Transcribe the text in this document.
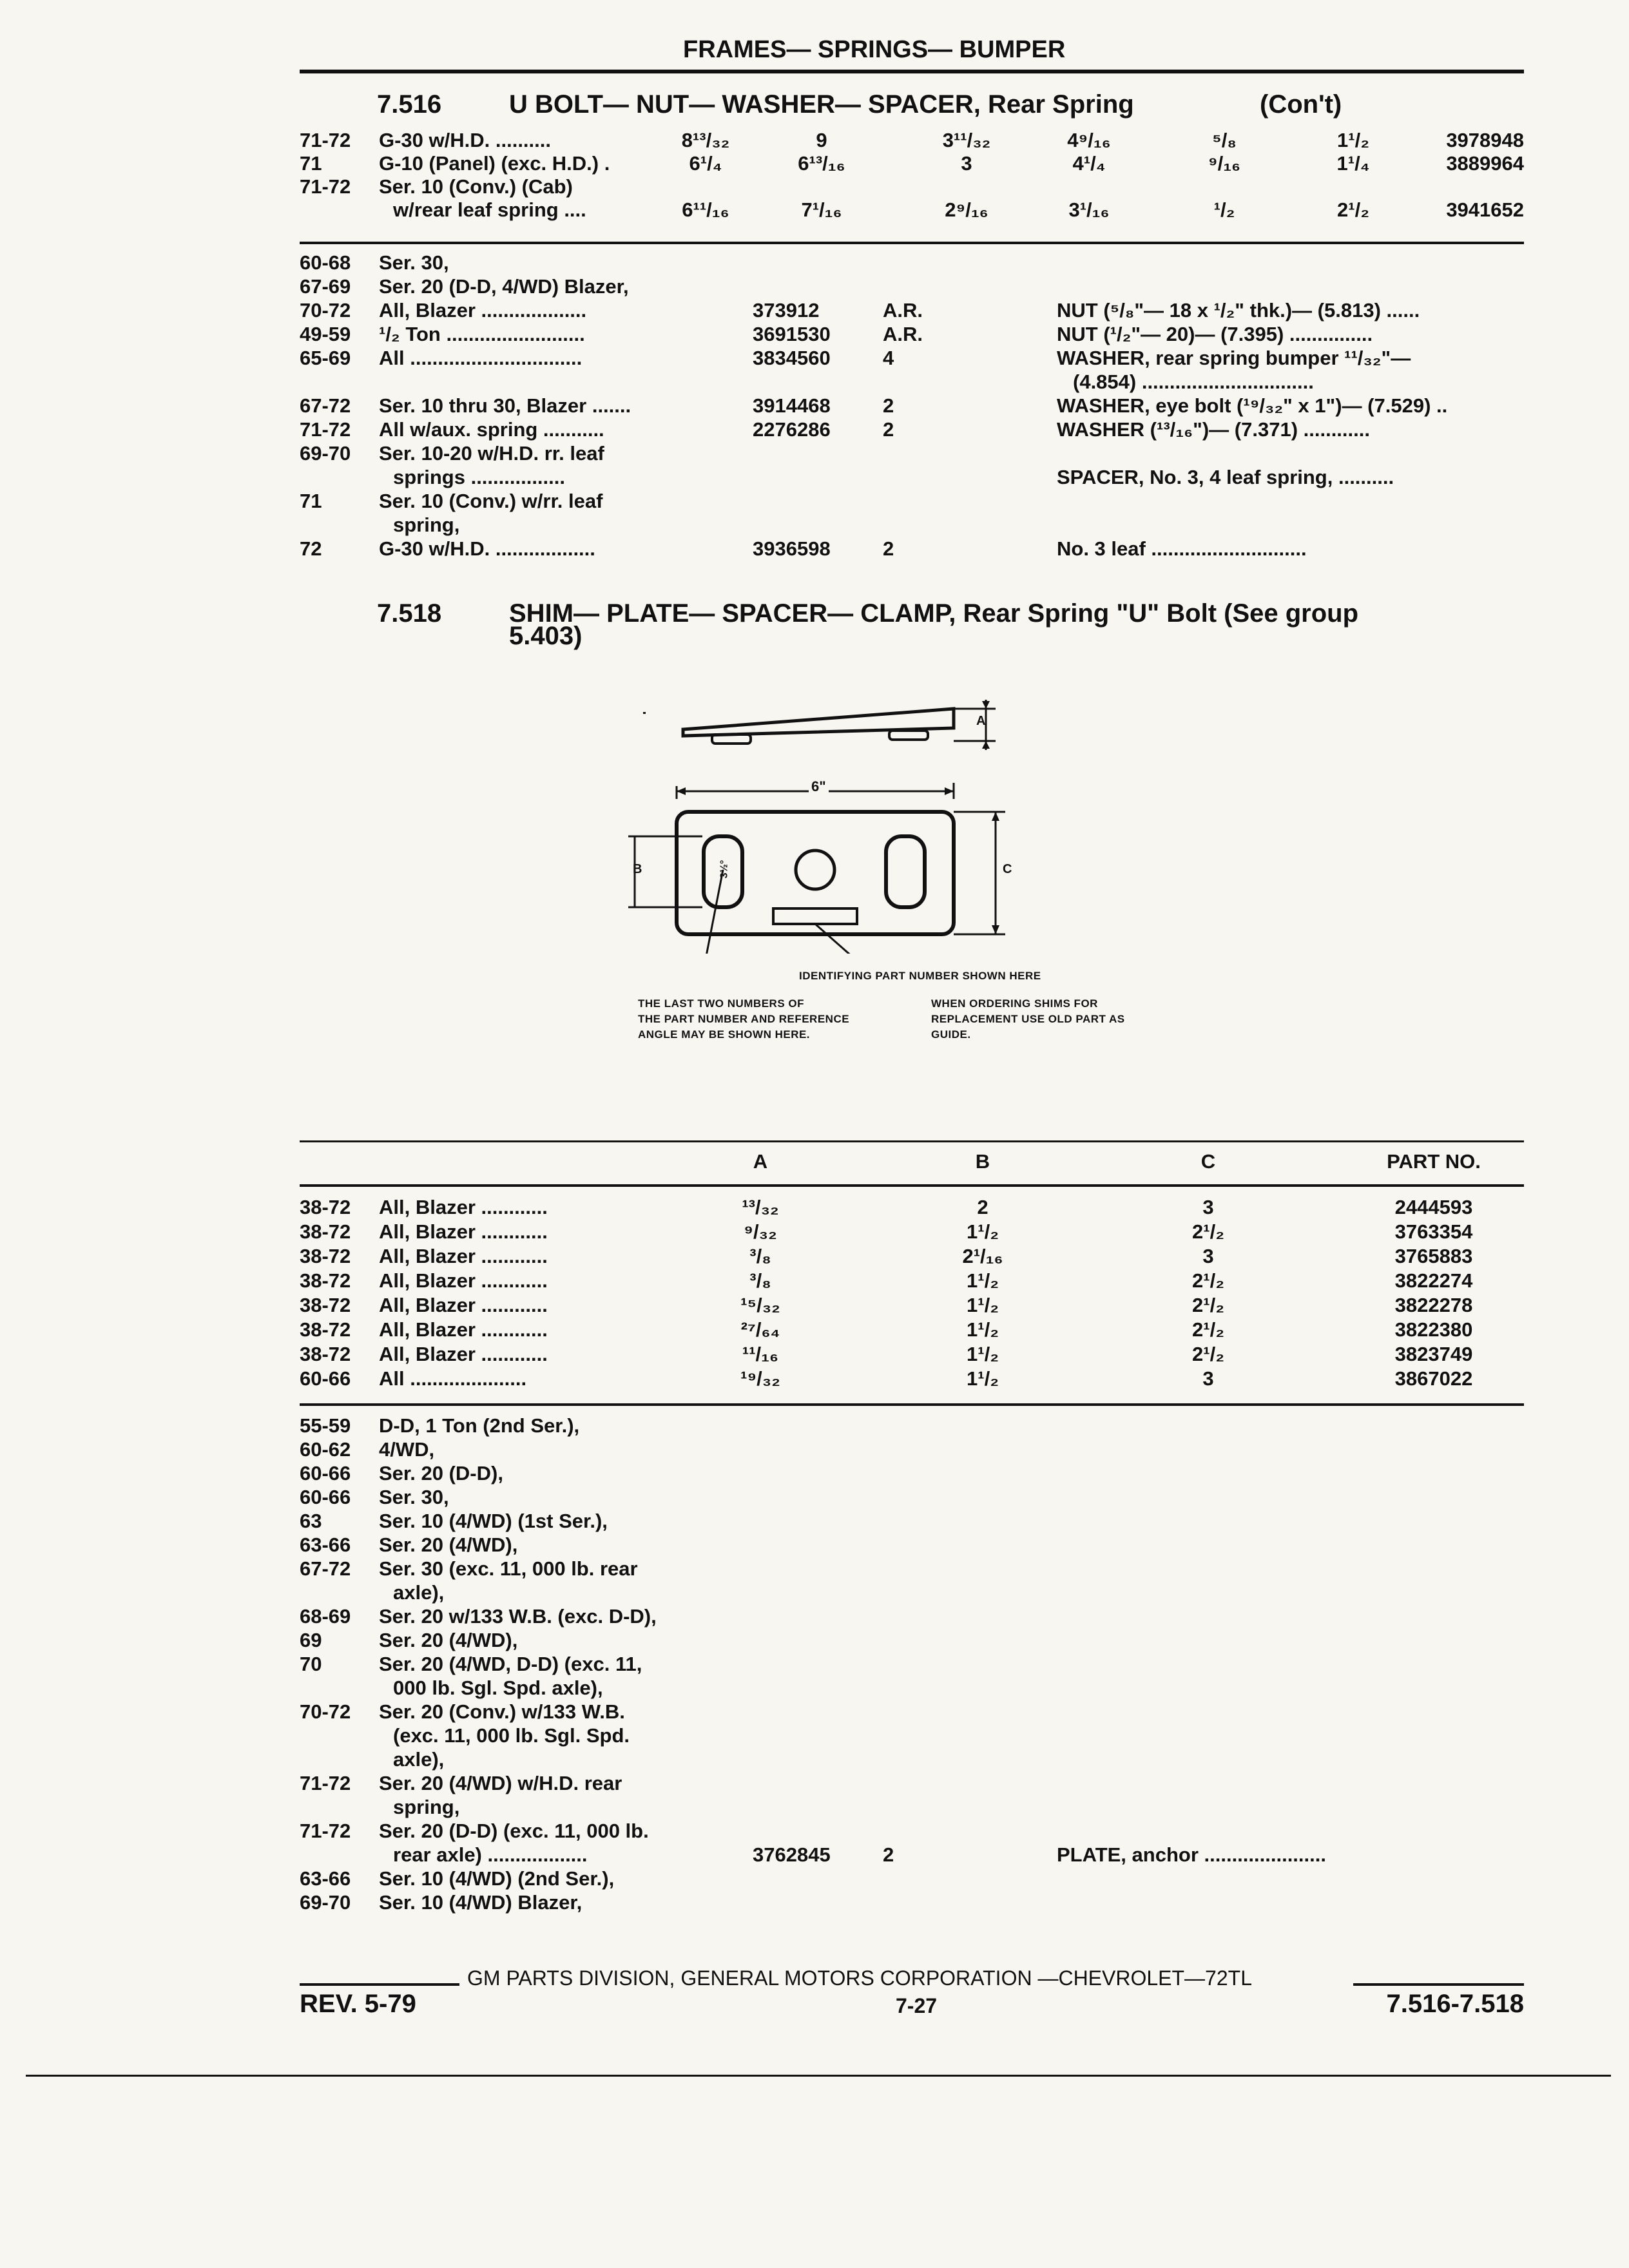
FRAMES— SPRINGS— BUMPER
7.516	U BOLT— NUT— WASHER— SPACER, Rear Spring	(Con't)
71-72 G-30 w/H.D. ..........	8¹³/₃₂	9	3¹¹/₃₂	4⁹/₁₆	⁵/₈	1¹/₂	3978948
71	G-10 (Panel) (exc. H.D.) .	6¹/₄	6¹³/₁₆	3	4¹/₄	⁹/₁₆	1¹/₄	3889964
71-72 Ser. 10 (Conv.) (Cab)
w/rear leaf spring ....	6¹¹/₁₆	7¹/₁₆	2⁹/₁₆	3¹/₁₆	¹/₂	2¹/₂	3941652
60-68 Ser. 30,
67-69 Ser. 20 (D-D, 4/WD) Blazer,
70-72 All, Blazer ...................	373912	A.R.	NUT (⁵/₈"— 18 x ¹/₂" thk.)— (5.813) ......
49-59 ¹/₂ Ton .........................	3691530	A.R.	NUT (¹/₂"— 20)— (7.395) ...............
65-69 All ...............................	3834560	4	WASHER, rear spring bumper ¹¹/₃₂"—
(4.854) ...............................
67-72 Ser. 10 thru 30, Blazer .......	3914468	2	WASHER, eye bolt (¹⁹/₃₂" x 1")— (7.529) ..
71-72 All w/aux. spring ...........	2276286	2	WASHER (¹³/₁₆")— (7.371) ............
69-70 Ser. 10-20 w/H.D. rr. leaf
springs .................	SPACER, No. 3, 4 leaf spring, ..........
71	Ser. 10 (Conv.) w/rr. leaf
spring,
72	G-30 w/H.D. ..................	3936598	2	No. 3 leaf ............................
7.518	SHIM— PLATE— SPACER— CLAMP, Rear Spring "U" Bolt (See group
5.403)
A
6"
B	C
3½°
IDENTIFYING PART NUMBER SHOWN HERE
THE LAST TWO NUMBERS OF
THE PART NUMBER AND REFERENCE
ANGLE MAY BE SHOWN HERE.
WHEN ORDERING SHIMS FOR
REPLACEMENT USE OLD PART AS
GUIDE.
A	B	C	PART NO.
38-72 All, Blazer ............	¹³/₃₂	2	3	2444593
38-72 All, Blazer ............	⁹/₃₂	1¹/₂	2¹/₂	3763354
38-72 All, Blazer ............	³/₈	2¹/₁₆	3	3765883
38-72 All, Blazer ............	³/₈	1¹/₂	2¹/₂	3822274
38-72 All, Blazer ............	¹⁵/₃₂	1¹/₂	2¹/₂	3822278
38-72 All, Blazer ............	²⁷/₆₄	1¹/₂	2¹/₂	3822380
38-72 All, Blazer ............	¹¹/₁₆	1¹/₂	2¹/₂	3823749
60-66 All .....................	¹⁹/₃₂	1¹/₂	3	3867022
55-59 D-D, 1 Ton (2nd Ser.),
60-62 4/WD,
60-66 Ser. 20 (D-D),
60-66 Ser. 30,
63	Ser. 10 (4/WD) (1st Ser.),
63-66 Ser. 20 (4/WD),
67-72 Ser. 30 (exc. 11, 000 lb. rear
axle),
68-69 Ser. 20 w/133 W.B. (exc. D-D),
69	Ser. 20 (4/WD),
70	Ser. 20 (4/WD, D-D) (exc. 11,
000 lb. Sgl. Spd. axle),
70-72 Ser. 20 (Conv.) w/133 W.B.
(exc. 11, 000 lb. Sgl. Spd.
axle),
71-72 Ser. 20 (4/WD) w/H.D. rear
spring,
71-72 Ser. 20 (D-D) (exc. 11, 000 lb.
rear axle) ..................	3762845	2	PLATE, anchor ......................
63-66 Ser. 10 (4/WD) (2nd Ser.),
69-70 Ser. 10 (4/WD) Blazer,
GM PARTS DIVISION, GENERAL MOTORS CORPORATION —CHEVROLET—72TL
REV. 5-79	7-27	7.516-7.518
